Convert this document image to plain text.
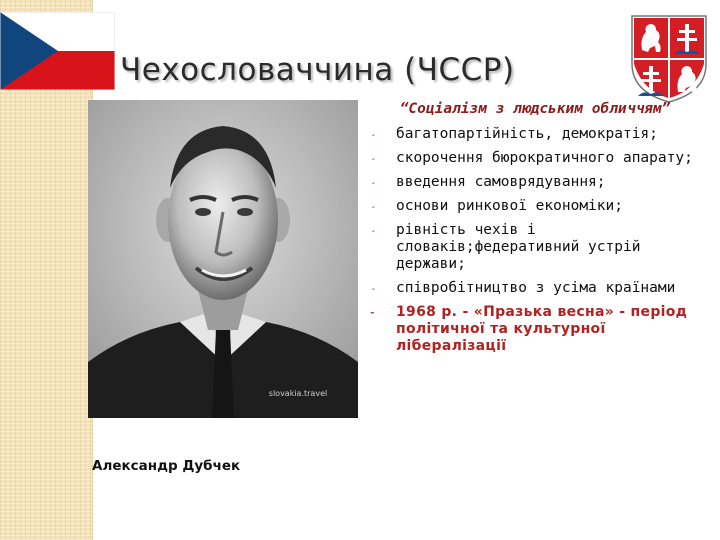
Чехословаччина (ЧССР)
slovakia.travel

Александр Дубчек

“Соціалізм з людським обличчям”

- багатопартійність, демократія;
- скорочення бюрократичного апарату;
- введення самоврядування;
- основи ринкової економіки;
- рівність чехів і словаків;федеративний устрій держави;
- співробітництво з усіма країнами
- 1968 р. - «Празька весна» - період політичної та культурної лібералізації
